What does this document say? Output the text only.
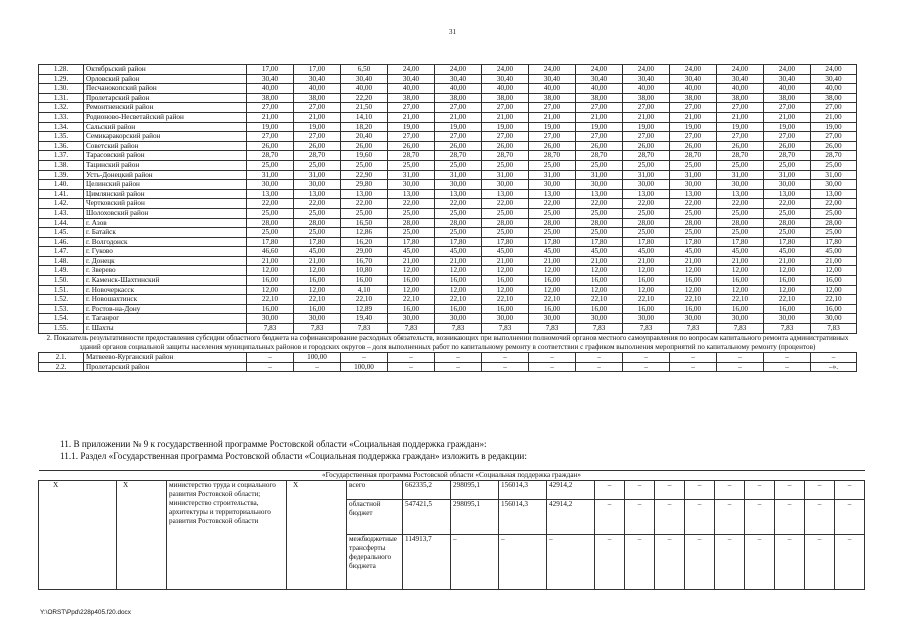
31
1.28.	Октябрьский район	17,00	17,00	6,50	24,00	24,00	24,00	24,00	24,00	24,00	24,00	24,00	24,00	24,00
1.29.	Орловский район	30,40	30,40	30,40	30,40	30,40	30,40	30,40	30,40	30,40	30,40	30,40	30,40	30,40
1.30.	Песчанокопский район	40,00	40,00	40,00	40,00	40,00	40,00	40,00	40,00	40,00	40,00	40,00	40,00	40,00
1.31.	Пролетарский район	38,00	38,00	22,20	38,00	38,00	38,00	38,00	38,00	38,00	38,00	38,00	38,00	38,00
1.32.	Ремонтненский район	27,00	27,00	21,50	27,00	27,00	27,00	27,00	27,00	27,00	27,00	27,00	27,00	27,00
1.33.	Родионово-Несветайский район	21,00	21,00	14,10	21,00	21,00	21,00	21,00	21,00	21,00	21,00	21,00	21,00	21,00
1.34.	Сальский район	19,00	19,00	18,20	19,00	19,00	19,00	19,00	19,00	19,00	19,00	19,00	19,00	19,00
1.35.	Семикаракорский район	27,00	27,00	20,40	27,00	27,00	27,00	27,00	27,00	27,00	27,00	27,00	27,00	27,00
1.36.	Советский район	26,00	26,00	26,00	26,00	26,00	26,00	26,00	26,00	26,00	26,00	26,00	26,00	26,00
1.37.	Тарасовский район	28,70	28,70	19,60	28,70	28,70	28,70	28,70	28,70	28,70	28,70	28,70	28,70	28,70
1.38.	Тацинский район	25,00	25,00	25,00	25,00	25,00	25,00	25,00	25,00	25,00	25,00	25,00	25,00	25,00
1.39.	Усть-Донецкий район	31,00	31,00	22,90	31,00	31,00	31,00	31,00	31,00	31,00	31,00	31,00	31,00	31,00
1.40.	Целинский район	30,00	30,00	29,80	30,00	30,00	30,00	30,00	30,00	30,00	30,00	30,00	30,00	30,00
1.41.	Цимлянский район	13,00	13,00	13,00	13,00	13,00	13,00	13,00	13,00	13,00	13,00	13,00	13,00	13,00
1.42.	Чертковский район	22,00	22,00	22,00	22,00	22,00	22,00	22,00	22,00	22,00	22,00	22,00	22,00	22,00
1.43.	Шолоховский район	25,00	25,00	25,00	25,00	25,00	25,00	25,00	25,00	25,00	25,00	25,00	25,00	25,00
1.44.	г. Азов	28,00	28,00	16,50	28,00	28,00	28,00	28,00	28,00	28,00	28,00	28,00	28,00	28,00
1.45.	г. Батайск	25,00	25,00	12,86	25,00	25,00	25,00	25,00	25,00	25,00	25,00	25,00	25,00	25,00
1.46.	г. Волгодонск	17,80	17,80	16,20	17,80	17,80	17,80	17,80	17,80	17,80	17,80	17,80	17,80	17,80
1.47.	г. Гуково	46,60	45,00	29,00	45,00	45,00	45,00	45,00	45,00	45,00	45,00	45,00	45,00	45,00
1.48.	г. Донецк	21,00	21,00	16,70	21,00	21,00	21,00	21,00	21,00	21,00	21,00	21,00	21,00	21,00
1.49.	г. Зверево	12,00	12,00	10,80	12,00	12,00	12,00	12,00	12,00	12,00	12,00	12,00	12,00	12,00
1.50.	г. Каменск-Шахтинский	16,00	16,00	16,00	16,00	16,00	16,00	16,00	16,00	16,00	16,00	16,00	16,00	16,00
1.51.	г. Новочеркасск	12,00	12,00	4,10	12,00	12,00	12,00	12,00	12,00	12,00	12,00	12,00	12,00	12,00
1.52.	г. Новошахтинск	22,10	22,10	22,10	22,10	22,10	22,10	22,10	22,10	22,10	22,10	22,10	22,10	22,10
1.53.	г. Ростов-на-Дону	16,00	16,00	12,89	16,00	16,00	16,00	16,00	16,00	16,00	16,00	16,00	16,00	16,00
1.54.	г. Таганрог	30,00	30,00	19,40	30,00	30,00	30,00	30,00	30,00	30,00	30,00	30,00	30,00	30,00
1.55.	г. Шахты	7,83	7,83	7,83	7,83	7,83	7,83	7,83	7,83	7,83	7,83	7,83	7,83	7,83
2. Показатель результативности предоставления субсидии областного бюджета на софинансирование расходных обязательств, возникающих при выполнении полномочий органов местного самоуправления по вопросам капитального ремонта административных зданий органов социальной защиты населения муниципальных районов и городских округов – доля выполненных работ по капитальному ремонту в соответствии с графиком выполнения мероприятий по капитальному ремонту (процентов)														
2.1.	Матвеево-Курганский район	–	100,00	–	–	–	–	–	–	–	–	–	–	–
2.2.	Пролетарский район	–	–	100,00	–	–	–	–	–	–	–	–	–	–».
11. В приложении № 9 к государственной программе Ростовской области «Социальная поддержка граждан»:
11.1. Раздел «Государственная программа Ростовской области «Социальная поддержка граждан» изложить в редакции:
«Государственная программа Ростовской области «Социальная поддержка граждан»																	
Х	Х	министерство труда и социального развития Ростовской области; министерство строительства, архитектуры и территориального развития Ростовской области	Х	всего	662335,2	298095,1	156014,3	42914,2	–	–	–	–	–	–	–	–	–
				областной бюджет	547421,5	298095,1	156014,3	42914,2	–	–	–	–	–	–	–	–	–
				межбюджетные трансферты федерального бюджета	114913,7	–	–	–	–	–	–	–	–	–	–	–	–
Y:\ORST\Ppd\228p405.f20.docx
